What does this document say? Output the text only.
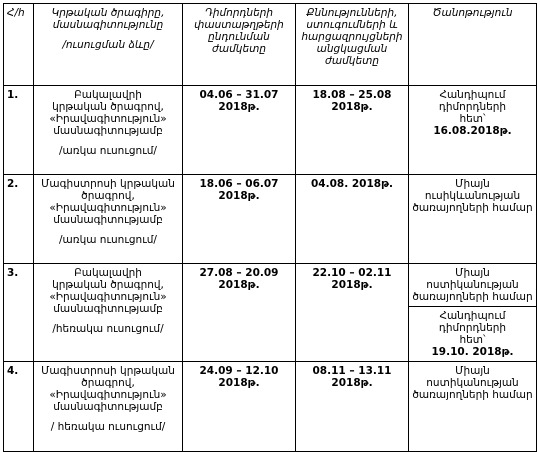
Հ/հ	Կրթական ծրագիրը,
մասնագիտությունը
/ուսուցման ձևը/	Դիմորդների
փաստաթղթերի
ընդունման
ժամկետը	Քննությունների,
ստուգումների և
հարցազրույցների
անցկացման
ժամկետը	Ծանոթություն
1.	Բակալավրի
կրթական ծրագրով,
«Իրավագիտություն»
մասնագիտությամբ
/առկա ուսուցում/	04.06 – 31.07
2018թ.	18.08 – 25.08
2018թ.	Հանդիպում
դիմորդների
հետ՝
16.08.2018թ.

2.	Մագիստրոսի կրթական
ծրագրով,
«Իրավագիտություն»
մասնագիտությամբ
/առկա ուսուցում/	18.06 – 06.07
2018թ.	04.08. 2018թ.	Միայն ուսիկևանության
ծառայողների համար

3.	Բակալավրի
կրթական ծրագրով,
«Իրավագիտություն»
մասնագիտությամբ
/հեռակա ուսուցում/	27.08 – 20.09
2018թ.	22.10 – 02.11
2018թ.	Միայն ոստիկանության
ծառայողների համար

				Հանդիպում դիմորդների
հետ՝
19.10. 2018թ.

4.	Մագիստրոսի կրթական
ծրագրով,
«Իրավագիտություն»
մասնագիտությամբ
/ հեռակա ուսուցում/	24.09 – 12.10
2018թ.	08.11 – 13.11
2018թ.	Միայն ոստիկանության
ծառայողների համար
